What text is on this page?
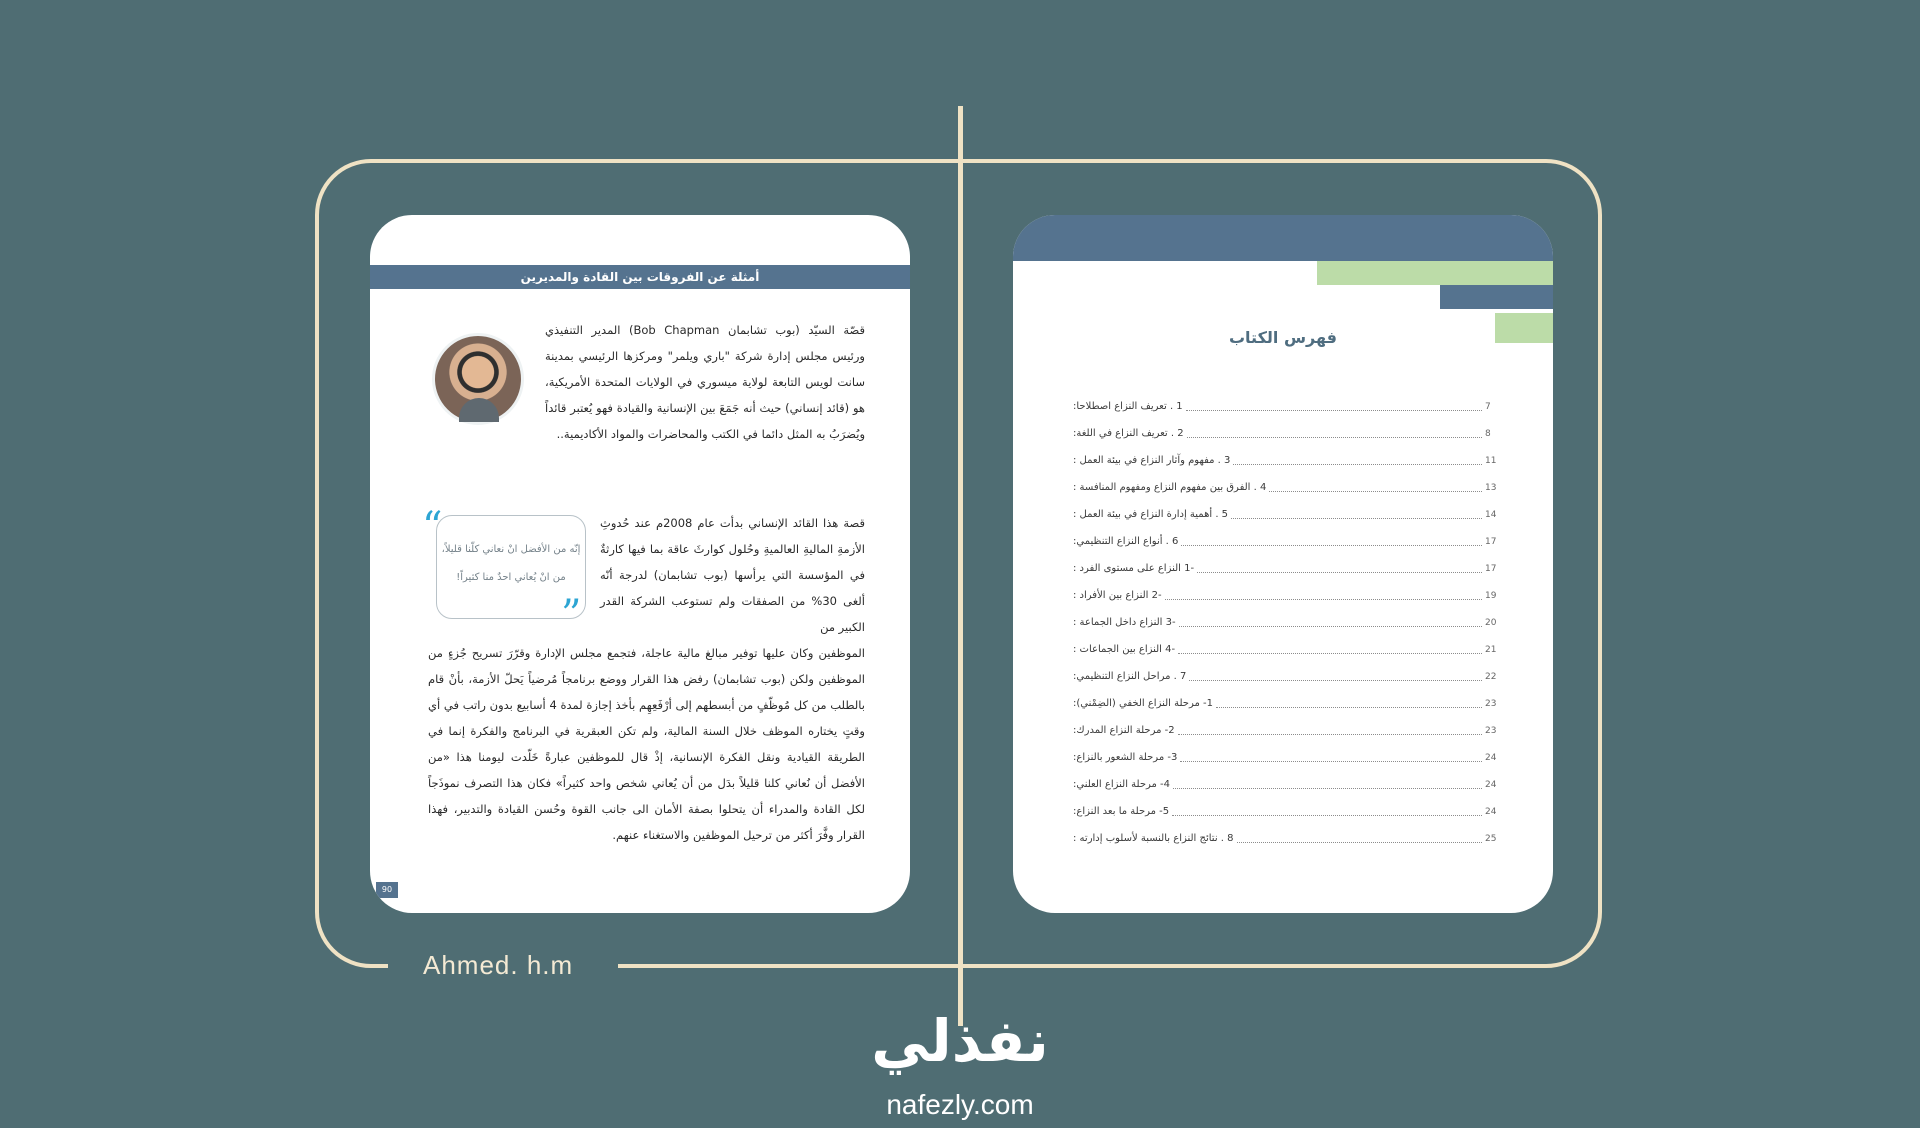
Ahmed. h.m
أمثلة عن الفروقات بين القادة والمديرين
قصّة السيّد (بوب تشابمان Bob Chapman) المدير التنفيذي ورئيس مجلس إدارة شركة "باري ويلمر" ومركزها الرئيسي بمدينة سانت لويس التابعة لولاية ميسوري في الولايات المتحدة الأمريكية، هو (قائد إنساني) حيث أنه جَمَعَ بين الإنسانية والقيادة فهو يُعتبر قائداً ويُضرَبُ به المثل دائما في الكتب والمحاضرات والمواد الأكاديمية..
قصة هذا القائد الإنساني بدأت عام 2008م عند حُدوثِ الأزمةِ الماليةِ العالميةِ وحُلول كوارثَ عاقة بما فيها كارثةٌ في المؤسسة التي يرأسها (بوب تشابمان) لدرجة أنّه ألغى 30% من الصفقات ولم تستوعب الشركة القدر الكبير من
إنّه من الأفضل انْ نعاني كلّنا قليلاً،
من انْ يُعاني احدٌ منا كثيراً!
“
”
الموظفين وكان عليها توفير مبالغ مالية عاجلة، فتجمع مجلس الإدارة وقرّرَ تسريح جُزءٍ من الموظفين ولكن (بوب تشابمان) رفض هذا القرار ووضع برنامجاً مُرضياً يَحلّ الأزمة، بأنْ قام بالطلب من كل مُوظّفٍ من أبسطهم إلى أرْفَعِهِم بأخذ إجازة لمدة 4 أسابيع بدون راتب في أي وقتٍ يختاره الموظف خلال السنة المالية، ولم تكن العبقرية في البرنامج والفكرة إنما في الطريقة القيادية ونقل الفكرة الإنسانية، إذْ قال للموظفين عبارةً خَلّدت ليومنا هذا «من الأفضل أن نُعاني كلنا قليلاً بدَل من أن يُعاني شخص واحد كثيراً» فكان هذا التصرف نموذَجاً لكل القادة والمدراء أن يتحلوا بصفة الأمان الى جانب القوة وحُسن القيادة والتدبير، فهذا القرار وفَّرَ أكثر من ترحيل الموظفين والاستغناء عنهم.
90
فهرس الكتاب
1 . تعريف النزاع اصطلاحا:	7
2 . تعريف النزاع في اللغة:	8
3 . مفهوم وآثار النزاع في بيئة العمل :	11
4 . الفرق بين مفهوم النزاع ومفهوم المنافسة :	13
5 . أهمية إدارة النزاع في بيئة العمل :	14
6 . أنواع النزاع التنظيمي:	17
-1 النزاع على مستوى الفرد :	17
-2 النزاع بين الأفراد :	19
-3 النزاع داخل الجماعة :	20
-4 النزاع بين الجماعات :	21
7 . مراحل النزاع التنظيمي:	22
1- مرحلة النزاع الخفي (الضِمْني):	23
2- مرحلة النزاع المدرك:	23
3- مرحلة الشعور بالنزاع:	24
4- مرحلة النزاع العلني:	24
5- مرحلة ما بعد النزاع:	24
8 . نتائج النزاع بالنسبة لأسلوب إدارته :	25
نفذلي
nafezly.com
